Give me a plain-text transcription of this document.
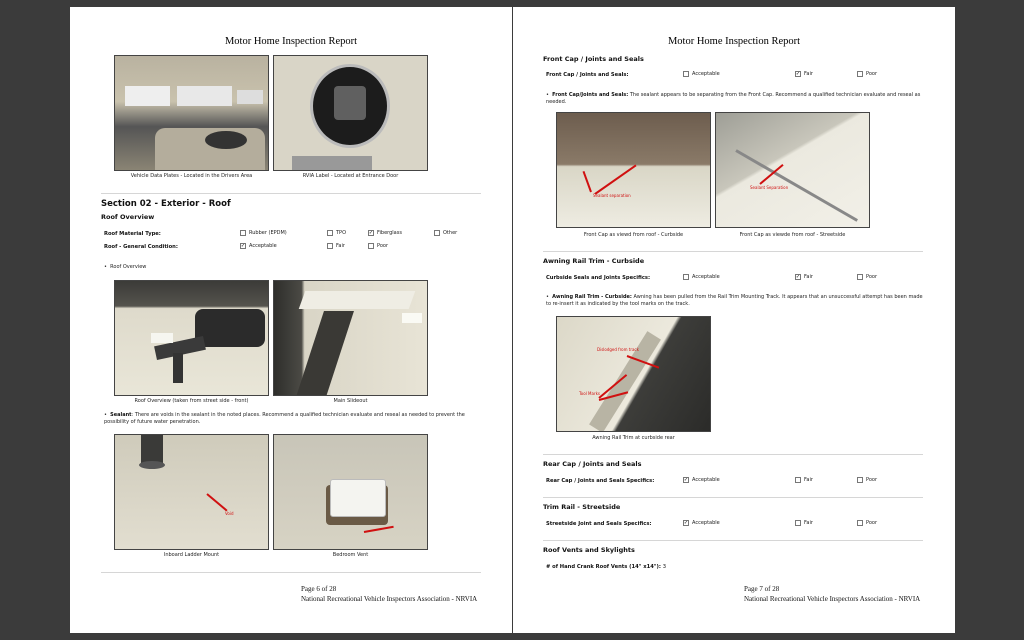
Motor Home Inspection Report
Vehicle Data Plates - Located in the Drivers Area	RVIA Label - Located at Entrance Door
Section 02 - Exterior - Roof
Roof Overview
Roof Material Type:	Rubber (EPDM)	TPO	✓ Fiberglass	Other
Roof - General Condition:	✓ Acceptable	Fair	Poor
•  Roof Overview
Roof Overview (taken from street side - front)	Main Slideout
•  Sealant: There are voids in the sealant in the noted places. Recommend a qualified technician evaluate and reseal as needed to prevent the possibility of future water penetration.
Void
Inboard Ladder Mount	Bedroom Vent
Page 6 of 28
National Recreational Vehicle Inspectors Association - NRVIA
Motor Home Inspection Report
Front Cap / Joints and Seals
Front Cap / Joints and Seals:	Acceptable	✓ Fair	Poor
•  Front Cap/Joints and Seals: The sealant appears to be separating from the Front Cap. Recommend a qualified technician evaluate and reseal as needed.
Sealant separation
Sealant Separation
Front Cap as viewd from roof - Curbside	Front Cap as viewde from roof - Streetside
Awning Rail Trim - Curbside
Curbside Seals and Joints Specifics:	Acceptable	✓ Fair	Poor
•  Awning Rail Trim - Curbside: Awning has been pulled from the Rail Trim Mounting Track. It appears that an unsuccessful attempt has been made to re-insert it as indicated by the tool marks on the track.
Dislodged from track
Tool Marks
Awning Rail Trim at curbside rear
Rear Cap / Joints and Seals
Rear Cap / Joints and Seals Specifics:	✓ Acceptable	Fair	Poor
Trim Rail - Streetside
Streetside Joint and Seals Specifics:	✓ Acceptable	Fair	Poor
Roof Vents and Skylights
# of Hand Crank Roof Vents (14" x14"): 3
Page 7 of 28
National Recreational Vehicle Inspectors Association - NRVIA
